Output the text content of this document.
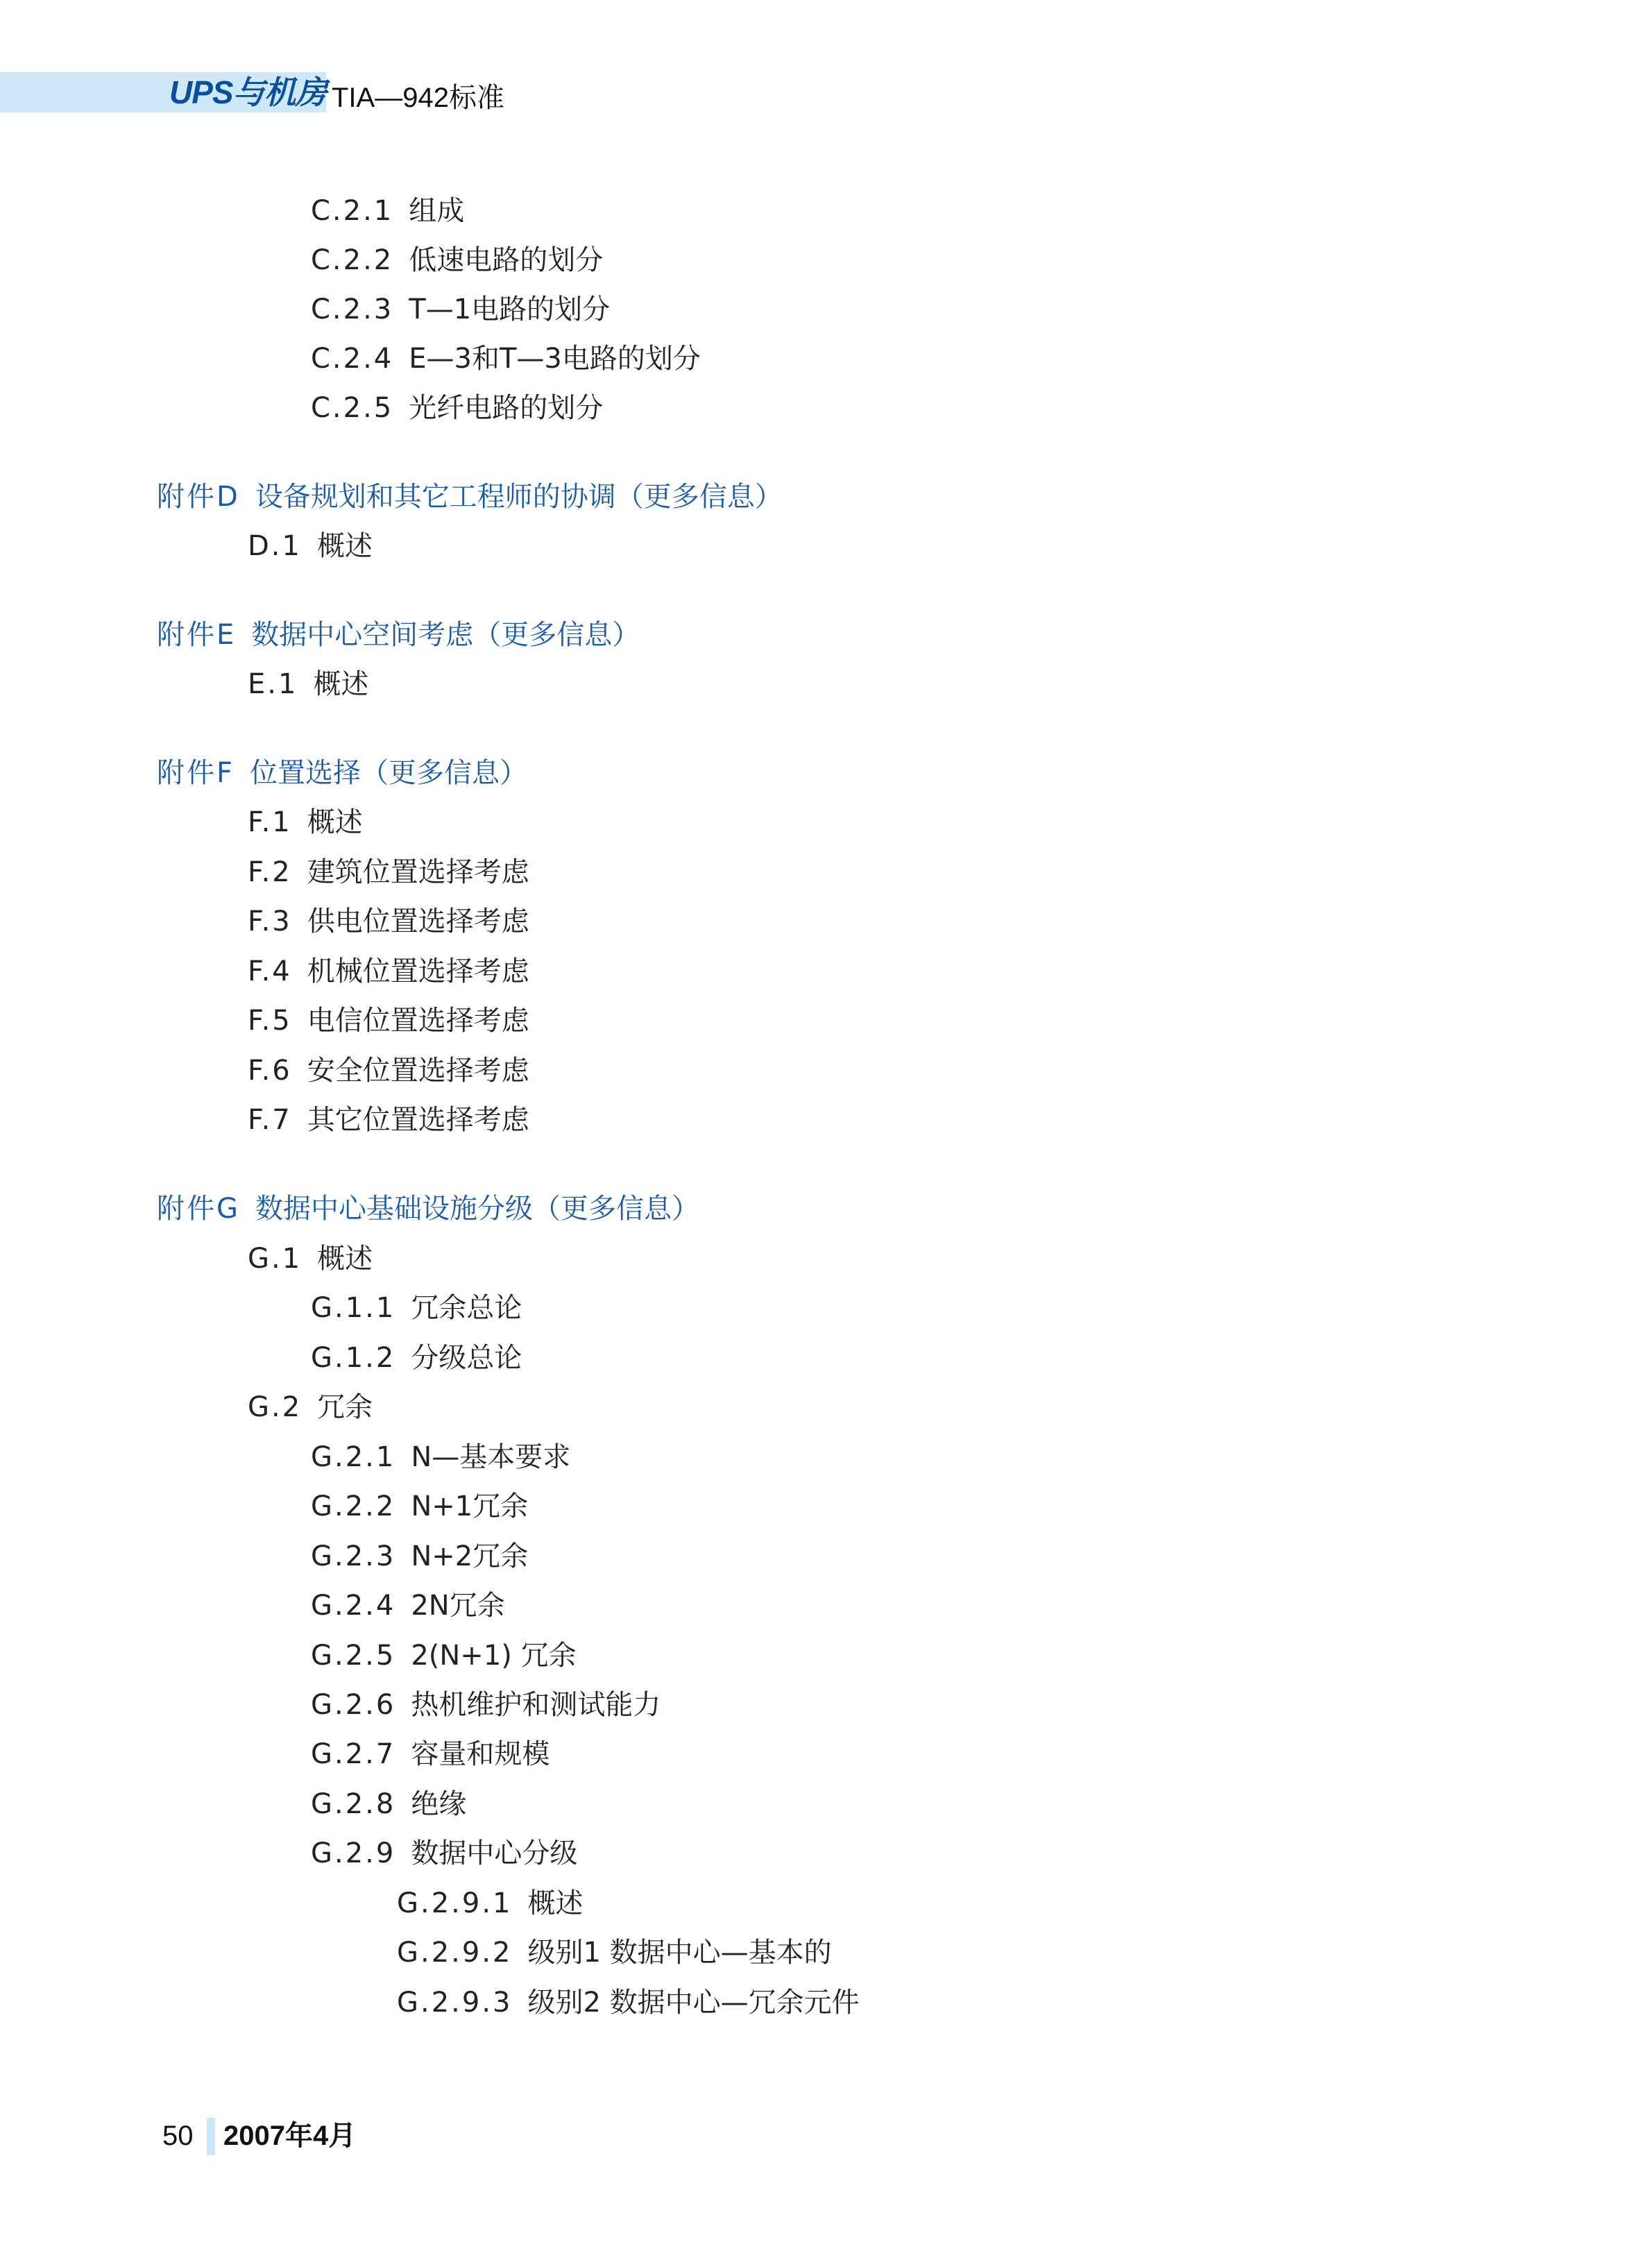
UPS与机房 TIA—942标准
C.2.1 组成
C.2.2 低速电路的划分
C.2.3 T—1电路的划分
C.2.4 E—3和T—3电路的划分
C.2.5 光纤电路的划分
附件D 设备规划和其它工程师的协调（更多信息）
D.1 概述
附件E 数据中心空间考虑（更多信息）
E.1 概述
附件F 位置选择（更多信息）
F.1 概述
F.2 建筑位置选择考虑
F.3 供电位置选择考虑
F.4 机械位置选择考虑
F.5 电信位置选择考虑
F.6 安全位置选择考虑
F.7 其它位置选择考虑
附件G 数据中心基础设施分级（更多信息）
G.1 概述
G.1.1 冗余总论
G.1.2 分级总论
G.2 冗余
G.2.1 N—基本要求
G.2.2 N+1冗余
G.2.3 N+2冗余
G.2.4 2N冗余
G.2.5 2(N+1) 冗余
G.2.6 热机维护和测试能力
G.2.7 容量和规模
G.2.8 绝缘
G.2.9 数据中心分级
G.2.9.1 概述
G.2.9.2 级别1 数据中心—基本的
G.2.9.3 级别2 数据中心—冗余元件
50 2007年4月
